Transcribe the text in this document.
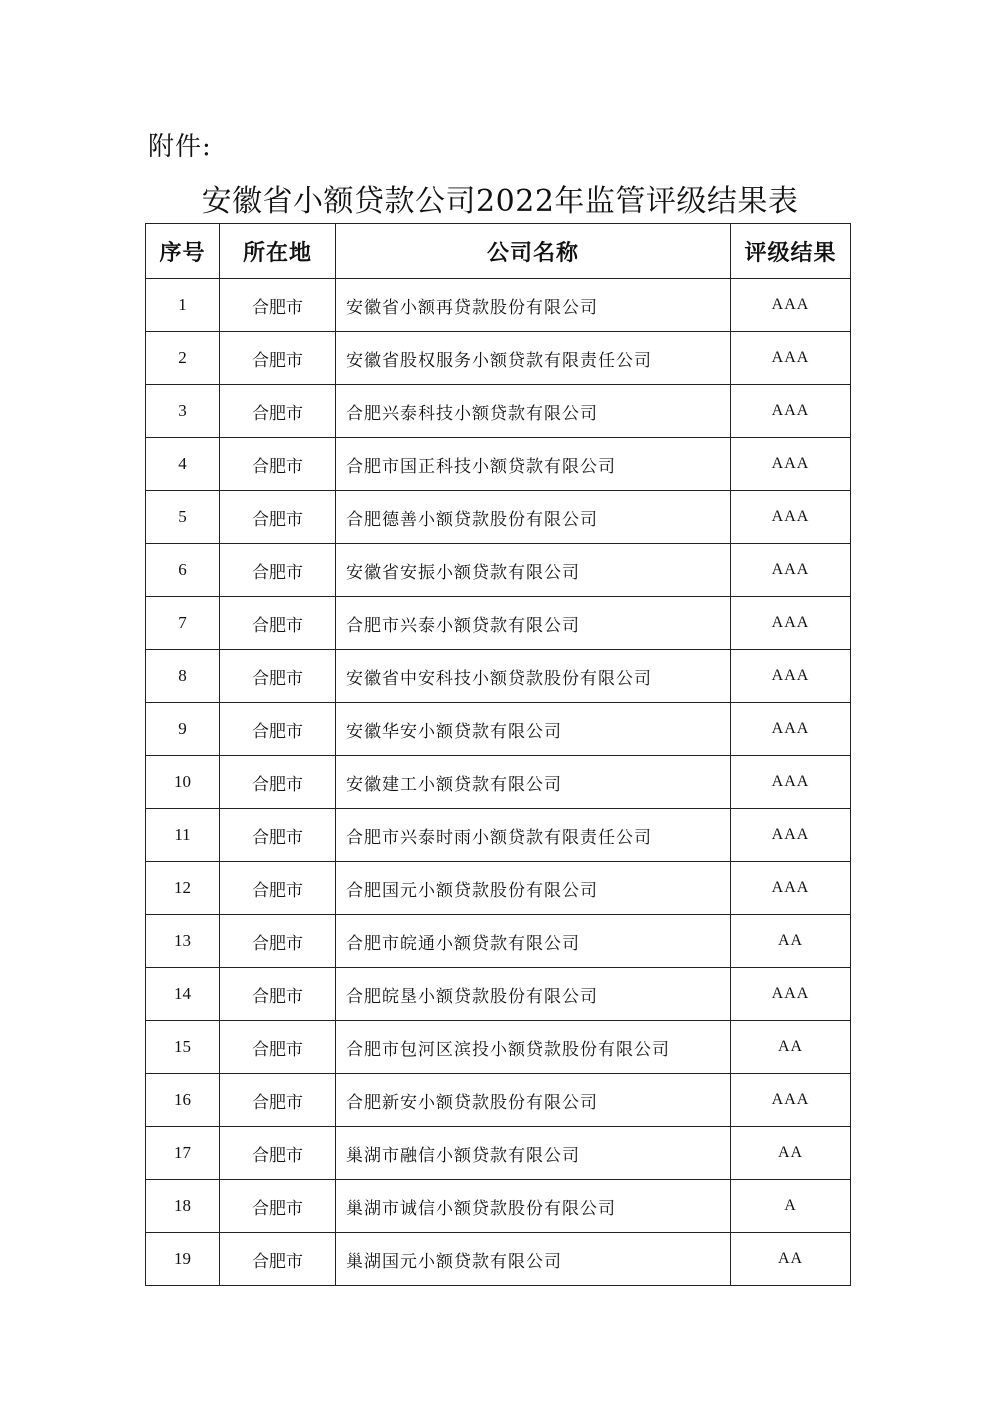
附件:
安徽省小额贷款公司2022年监管评级结果表
序号	所在地	公司名称	评级结果
1	合肥市	安徽省小额再贷款股份有限公司	AAA
2	合肥市	安徽省股权服务小额贷款有限责任公司	AAA
3	合肥市	合肥兴泰科技小额贷款有限公司	AAA
4	合肥市	合肥市国正科技小额贷款有限公司	AAA
5	合肥市	合肥德善小额贷款股份有限公司	AAA
6	合肥市	安徽省安振小额贷款有限公司	AAA
7	合肥市	合肥市兴泰小额贷款有限公司	AAA
8	合肥市	安徽省中安科技小额贷款股份有限公司	AAA
9	合肥市	安徽华安小额贷款有限公司	AAA
10	合肥市	安徽建工小额贷款有限公司	AAA
11	合肥市	合肥市兴泰时雨小额贷款有限责任公司	AAA
12	合肥市	合肥国元小额贷款股份有限公司	AAA
13	合肥市	合肥市皖通小额贷款有限公司	AA
14	合肥市	合肥皖垦小额贷款股份有限公司	AAA
15	合肥市	合肥市包河区滨投小额贷款股份有限公司	AA
16	合肥市	合肥新安小额贷款股份有限公司	AAA
17	合肥市	巢湖市融信小额贷款有限公司	AA
18	合肥市	巢湖市诚信小额贷款股份有限公司	A
19	合肥市	巢湖国元小额贷款有限公司	AA
